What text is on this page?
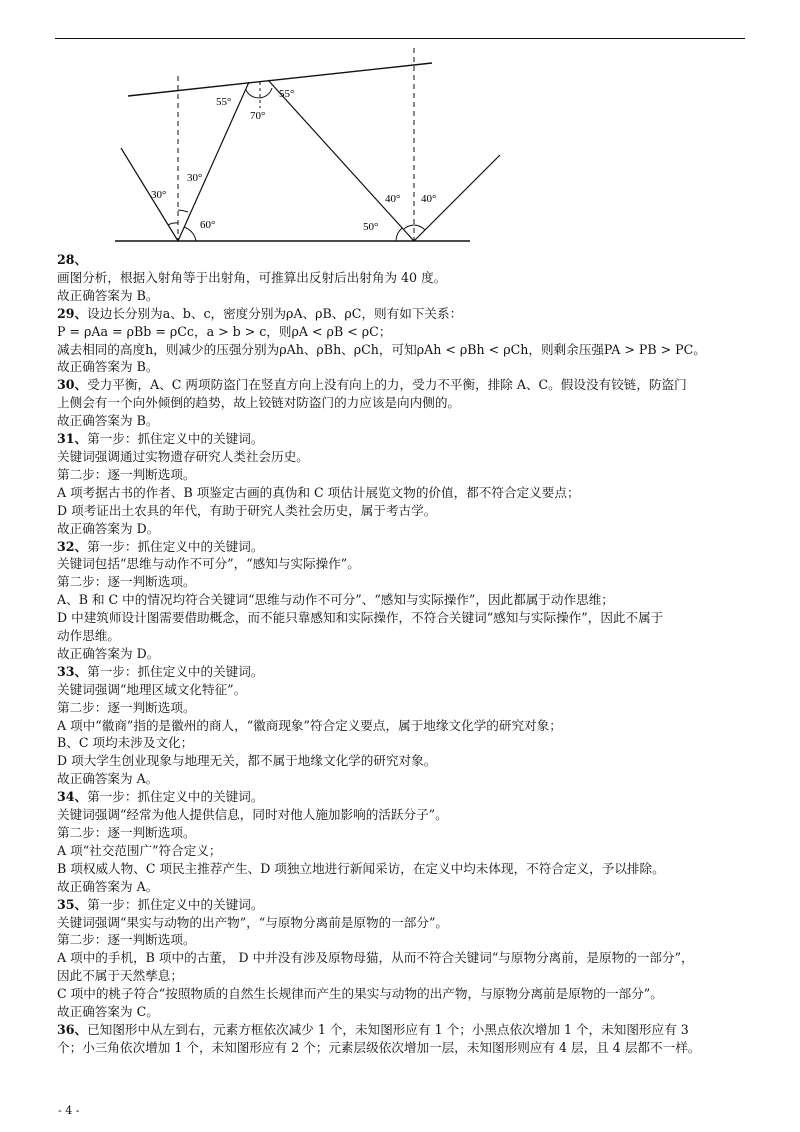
55°
55°
70°
30°
30°
60°
40° 40°
50°
28、
画图分析，根据入射角等于出射角，可推算出反射后出射角为 40 度。
故正确答案为 B。
29、设边长分别为a、b、c，密度分别为ρA、ρB、ρC，则有如下关系：
P = ρAa = ρBb = ρCc，a > b > c，则ρA < ρB < ρC；
减去相同的高度h，则减少的压强分别为ρAh、ρBh、ρCh，可知ρAh < ρBh < ρCh，则剩余压强PA > PB > PC。
故正确答案为 B。
30、受力平衡，A、C 两项防盗门在竖直方向上没有向上的力，受力不平衡，排除 A、C。假设没有铰链，防盗门
上侧会有一个向外倾倒的趋势，故上铰链对防盗门的力应该是向内侧的。
故正确答案为 B。
31、第一步：抓住定义中的关键词。
关键词强调通过实物遗存研究人类社会历史。
第二步：逐一判断选项。
A 项考据古书的作者、B 项鉴定古画的真伪和 C 项估计展览文物的价值，都不符合定义要点；
D 项考证出土农具的年代，有助于研究人类社会历史，属于考古学。
故正确答案为 D。
32、第一步：抓住定义中的关键词。
关键词包括“思维与动作不可分”，“感知与实际操作”。
第二步：逐一判断选项。
A、B 和 C 中的情况均符合关键词“思维与动作不可分”、“感知与实际操作”，因此都属于动作思维；
D 中建筑师设计图需要借助概念，而不能只靠感知和实际操作，不符合关键词“感知与实际操作”，因此不属于
动作思维。
故正确答案为 D。
33、第一步：抓住定义中的关键词。
关键词强调“地理区域文化特征”。
第二步：逐一判断选项。
A 项中“徽商”指的是徽州的商人，“徽商现象”符合定义要点，属于地缘文化学的研究对象；
B、C 项均未涉及文化；
D 项大学生创业现象与地理无关，都不属于地缘文化学的研究对象。
故正确答案为 A。
34、第一步：抓住定义中的关键词。
关键词强调“经常为他人提供信息，同时对他人施加影响的活跃分子”。
第二步：逐一判断选项。
A 项“社交范围广”符合定义；
B 项权威人物、C 项民主推荐产生、D 项独立地进行新闻采访，在定义中均未体现，不符合定义，予以排除。
故正确答案为 A。
35、第一步：抓住定义中的关键词。
关键词强调“果实与动物的出产物”，“与原物分离前是原物的一部分”。
第二步：逐一判断选项。
A 项中的手机，B 项中的古董， D 中并没有涉及原物母猫，从而不符合关键词“与原物分离前，是原物的一部分”，
因此不属于天然孳息；
C 项中的桃子符合“按照物质的自然生长规律而产生的果实与动物的出产物，与原物分离前是原物的一部分”。
故正确答案为 C。
36、已知图形中从左到右，元素方框依次减少 1 个，未知图形应有 1 个；小黑点依次增加 1 个，未知图形应有 3
个；小三角依次增加 1 个，未知图形应有 2 个；元素层级依次增加一层，未知图形则应有 4 层，且 4 层都不一样。
- 4 -
